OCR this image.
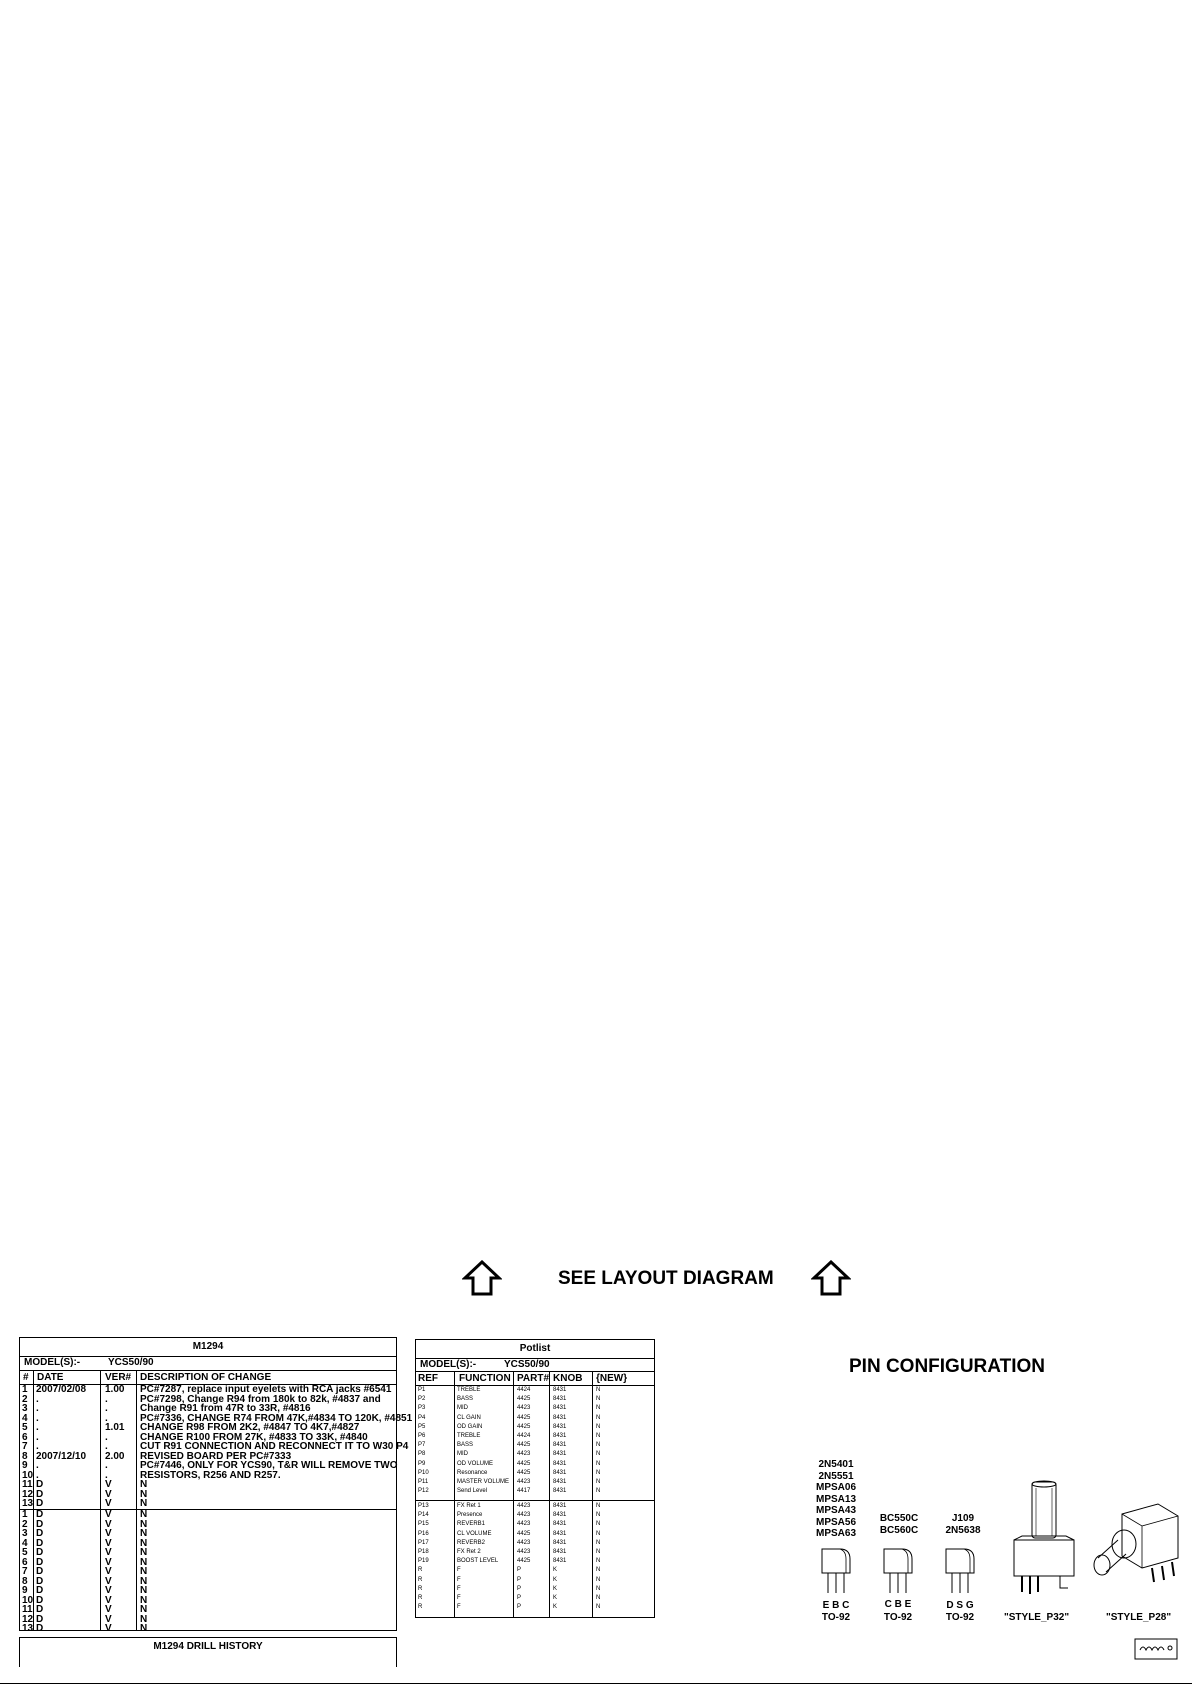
SEE LAYOUT DIAGRAM
M1294
MODEL(S):-	YCS50/90
# DATE	VER# DESCRIPTION OF CHANGE
1 2007/02/08 1.00 PC#7287, replace input eyelets with RCA jacks #6541
2 .	.	PC#7298, Change R94 from 180k to 82k, #4837 and
3 .	.	Change R91 from 47R to 33R, #4816
4 .	.	PC#7336, CHANGE R74 FROM 47K,#4834 TO 120K, #4851
5 .	1.01 CHANGE R98 FROM 2K2, #4847 TO 4K7,#4827
6 .	.	CHANGE R100 FROM 27K, #4833 TO 33K, #4840
7 .	.	CUT R91 CONNECTION AND RECONNECT IT TO W30 P4
8 2007/12/10 2.00 REVISED BOARD PER PC#7333
9 .	.	PC#7446, ONLY FOR YCS90, T&R WILL REMOVE TWO
10 .	.	RESISTORS, R256 AND R257.
11 D	V	N
12 D	V	N
13 D	V	N
1 D	V	N
2 D	V	N
3 D	V	N
4 D	V	N
5 D	V	N
6 D	V	N
7 D	V	N
8 D	V	N
9 D	V	N
10 D	V	N
11 D	V	N
12 D	V	N
13 D	V	N
M1294 DRILL HISTORY
Potlist
MODEL(S):-	YCS50/90
REF FUNCTION PART# KNOB {NEW}
P1	TREBLE	4424	8431	N
P2	BASS	4425	8431	N
P3	MID	4423	8431	N
P4	CL GAIN	4425	8431	N
P5	OD GAIN	4425	8431	N
P6	TREBLE	4424	8431	N
P7	BASS	4425	8431	N
P8	MID	4423	8431	N
P9	OD VOLUME	4425	8431	N
P10	Resonance	4425	8431	N
P11	MASTER VOLUME 4423	8431	N
P12	Send Level	4417	8431	N
P13	FX Ret 1	4423	8431	N
P14	Presence	4423	8431	N
P15	REVERB1	4423	8431	N
P16	CL VOLUME	4425	8431	N
P17	REVERB2	4423	8431	N
P18	FX Ret 2	4423	8431	N
P19	BOOST LEVEL	4425	8431	N
R	F	P	K	N
R	F	P	K	N
R	F	P	K	N
R	F	P	K	N
R	F	P	K	N
PIN CONFIGURATION
2N5401
2N5551
MPSA06
MPSA13
MPSA43
MPSA56
MPSA63
BC550C
BC560C
J109
2N5638
E B C
TO-92
C B E
TO-92
D S G
TO-92	"STYLE_P32"	"STYLE_P28"
